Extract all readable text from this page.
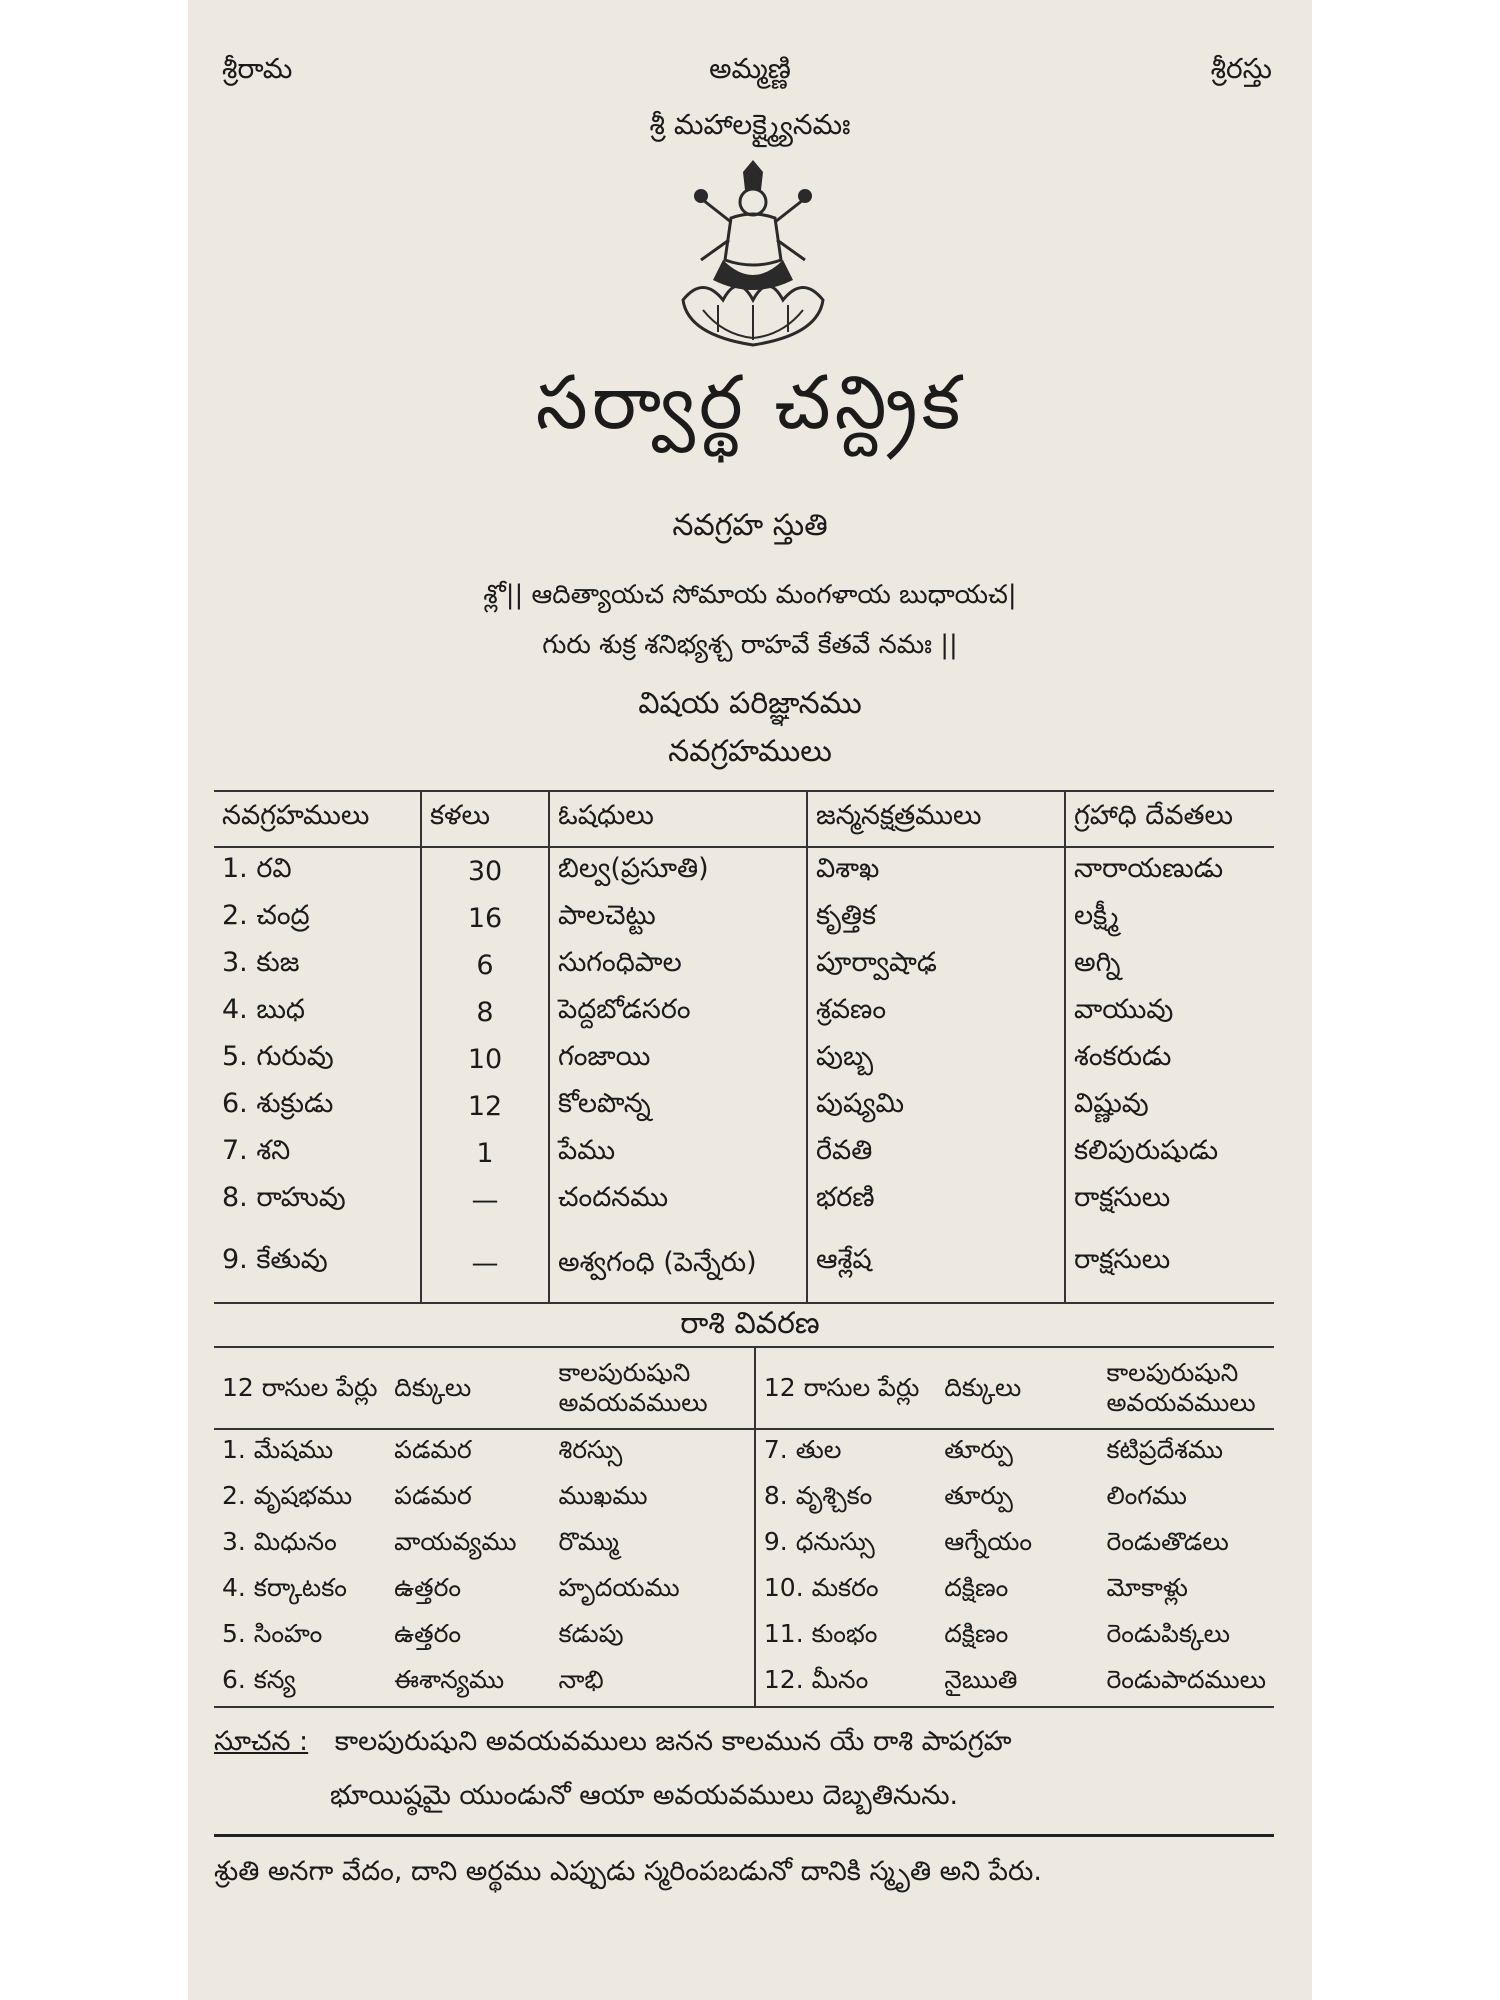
శ్రీరామ	అమ్మణ్ణి	శ్రీరస్తు
శ్రీ మహాలక్ష్మ్యైనమః
సర్వార్థ చన్ద్రిక
నవగ్రహ స్తుతి
శ్లో|| ఆదిత్యాయచ సోమాయ మంగళాయ బుధాయచ|
గురు శుక్ర శనిభ్యశ్చ రాహవే కేతవే నమః ||
విషయ పరిజ్ఞానము
నవగ్రహములు
నవగ్రహములు	కళలు	ఓషధులు	జన్మనక్షత్రములు	గ్రహాధి దేవతలు
1. రవి	30	బిల్వ(ప్రసూతి)	విశాఖ	నారాయణుడు
2. చంద్ర	16	పాలచెట్టు	కృత్తిక	లక్ష్మీ
3. కుజ	6	సుగంధిపాల	పూర్వాషాఢ	అగ్ని
4. బుధ	8	పెద్దబోడసరం	శ్రవణం	వాయువు
5. గురువు	10	గంజాయి	పుబ్బ	శంకరుడు
6. శుక్రుడు	12	కోలపొన్న	పుష్యమి	విష్ణువు
7. శని	1	పేము	రేవతి	కలిపురుషుడు
8. రాహువు	—	చందనము	భరణి	రాక్షసులు
9. కేతువు	—	అశ్వగంధి (పెన్నేరు)	ఆశ్లేష	రాక్షసులు
రాశి వివరణ
12 రాసుల పేర్లు	దిక్కులు	కాలపురుషుని అవయవములు	12 రాసుల పేర్లు	దిక్కులు	కాలపురుషుని అవయవములు
1. మేషము	పడమర	శిరస్సు	7. తుల	తూర్పు	కటిప్రదేశము
2. వృషభము	పడమర	ముఖము	8. వృశ్చికం	తూర్పు	లింగము
3. మిధునం	వాయవ్యము	రొమ్ము	9. ధనుస్సు	ఆగ్నేయం	రెండుతొడలు
4. కర్కాటకం	ఉత్తరం	హృదయము	10. మకరం	దక్షిణం	మోకాళ్లు
5. సింహం	ఉత్తరం	కడుపు	11. కుంభం	దక్షిణం	రెండుపిక్కలు
6. కన్య	ఈశాన్యము	నాభి	12. మీనం	నైఋతి	రెండుపాదములు
సూచన : కాలపురుషుని అవయవములు జనన కాలమున యే రాశి పాపగ్రహ
భూయిష్ఠమై యుండునో ఆయా అవయవములు దెబ్బతినును.
శ్రుతి అనగా వేదం, దాని అర్థము ఎప్పుడు స్మరింపబడునో దానికి స్మృతి అని పేరు.
